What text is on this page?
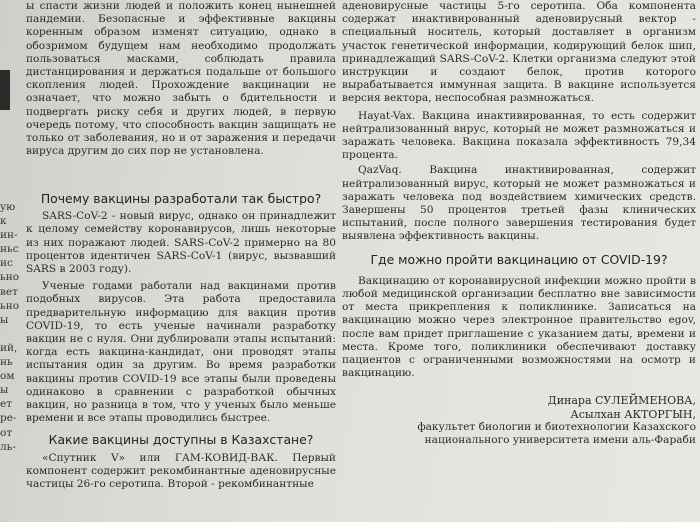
ую
к
ин-
ньс
ис
ьно
вет
ьно
ы

ий,
нь
ом
ы
ет
ре-
от
ль-

ы спасти жизни людей и положить конец нынешней пандемии. Безопасные и эффективные вакцины коренным образом изменят ситуацию, однако в обозримом будущем нам необходимо продолжать пользоваться масками, соблюдать правила дистанцирования и держаться подальше от большого скопления людей. Прохождение вакцинации не означает, что можно забыть о бдительности и подвергать риску себя и других людей, в первую очередь потому, что способность вакцин защищать не только от заболевания, но и от заражения и передачи вируса другим до сих пор не установлена.

Почему вакцины разработали так быстро?

SARS-CoV-2 - новый вирус, однако он принадлежит к целому семейству коронавирусов, лишь некоторые из них поражают людей. SARS-CoV-2 примерно на 80 процентов идентичен SARS-CoV-1 (вирус, вызвавший SARS в 2003 году).

Ученые годами работали над вакцинами против подобных вирусов. Эта работа предоставила предварительную информацию для вакцин против COVID-19, то есть ученые начинали разработку вакцин не с нуля. Они дублировали этапы испытаний: когда есть вакцина-кандидат, они проводят этапы испытания один за другим. Во время разработки вакцины против COVID-19 все этапы были проведены одинаково в сравнении с разработкой обычных вакцин, но разница в том, что у ученых было меньше времени и все этапы проводились быстрее.

Какие вакцины доступны в Казахстане?

«Спутник V» или ГАМ-КОВИД-ВАК. Первый компонент содержит рекомбинантные аденовирусные частицы 26-го серотипа. Второй - рекомбинантные

аденовирусные частицы 5-го серотипа. Оба компонента содержат инактивированный аденовирусный вектор - специальный носитель, который доставляет в организм участок генетической информации, кодирующий белок шип, принадлежащий SARS-CoV-2. Клетки организма следуют этой инструкции и создают белок, против которого вырабатывается иммунная защита. В вакцине используется версия вектора, неспособная размножаться.

Hayat-Vax. Вакцина инактивированная, то есть содержит нейтрализованный вирус, который не может размножаться и заражать человека. Вакцина показала эффективность 79,34 процента.

QazVaq. Вакцина инактивированная, содержит нейтрализованный вирус, который не может размножаться и заражать человека под воздействием химических средств. Завершены 50 процентов третьей фазы клинических испытаний, после полного завершения тестирования будет выявлена эффективность вакцины.

Где можно пройти вакцинацию от COVID-19?

Вакцинацию от коронавирусной инфекции можно пройти в любой медицинской организации бесплатно вне зависимости от места прикрепления к поликлинике. Записаться на вакцинацию можно через электронное правительство egov, после вам придет приглашение с указанием даты, времени и места. Кроме того, поликлиники обеспечивают доставку пациентов с ограниченными возможностями на осмотр и вакцинацию.

Динара СУЛЕЙМЕНОВА,
Асылхан АКТОРГЫН,
факультет биологии и биотехнологии Казахского
национального университета имени аль-Фараби
